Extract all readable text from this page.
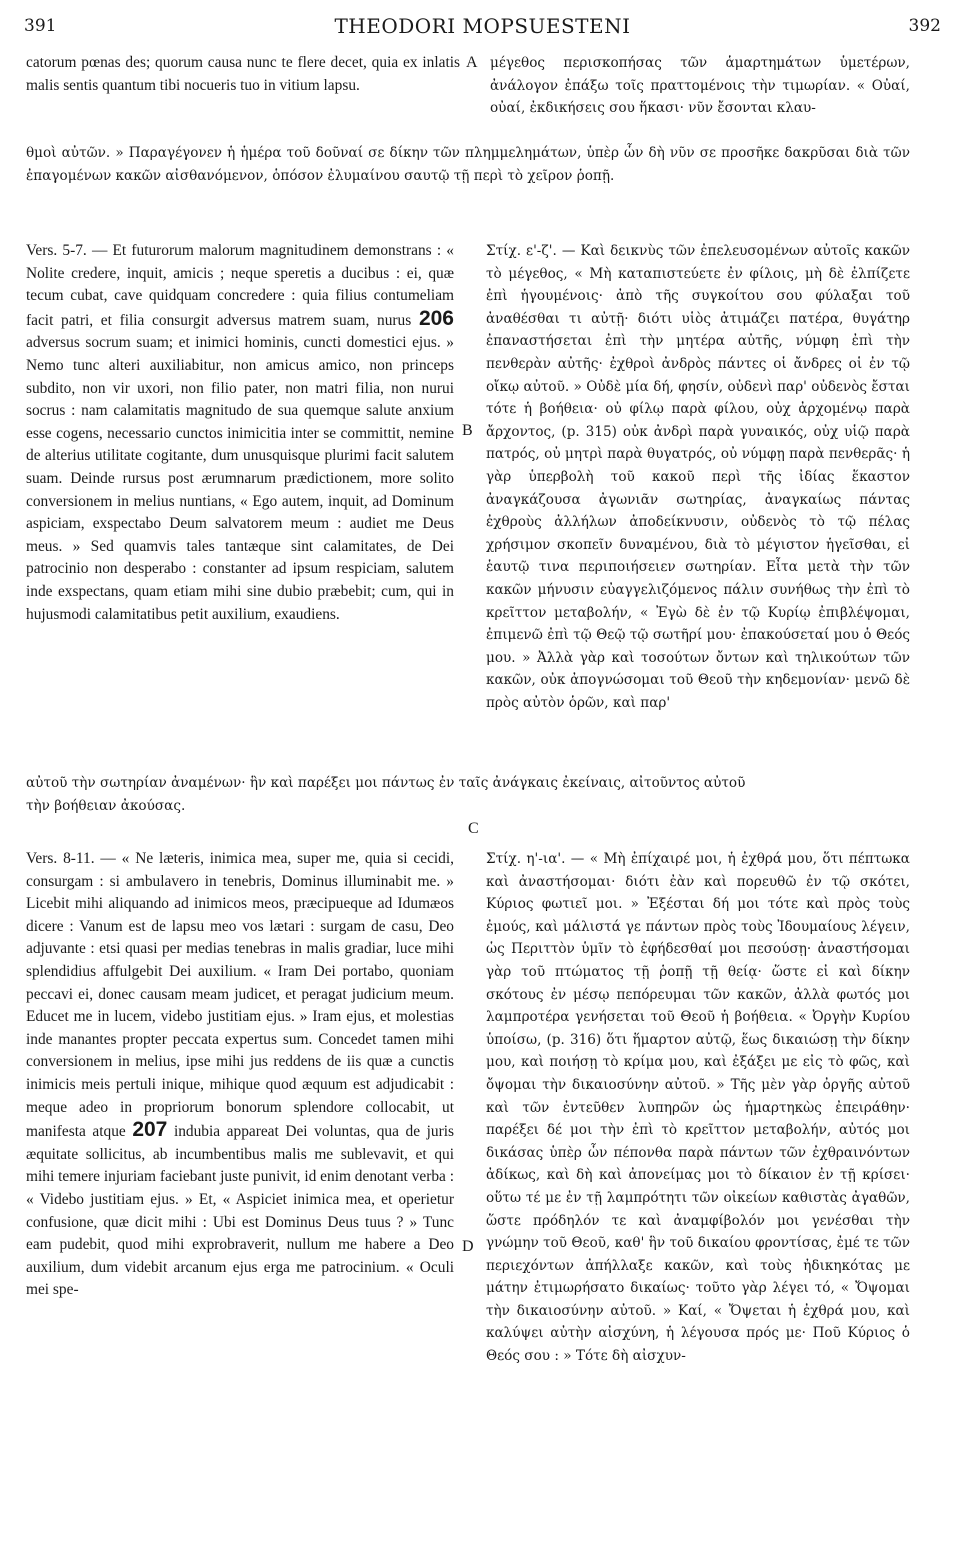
391	THEODORI MOPSUESTENI	392
catorum pœnas des; quorum causa nunc te flere decet, quia ex inlatis malis sentis quantum tibi nocueris tuo in vitium lapsu.
A μέγεθος περισκοπήσας τῶν ἁμαρτημάτων ὑμετέρων, ἀνάλογον ἐπάξω τοῖς πραττομένοις τὴν τιμωρίαν. « Οὐαί, οὐαί, ἐκδικήσεις σου ἥκασι· νῦν ἔσονται κλαυ-
θμοὶ αὐτῶν. » Παραγέγονεν ἡ ἡμέρα τοῦ δοῦναί σε δίκην τῶν πλημμελημάτων, ὑπὲρ ὧν δὴ νῦν σε προσῆκε δακρῦσαι διὰ τῶν ἐπαγομένων κακῶν αἰσθανόμενον, ὁπόσον ἐλυμαίνου σαυτῷ τῇ περὶ τὸ χεῖρον ῥοπῇ.

Vers. 5-7. — Et futurorum malorum magnitudinem demonstrans : « Nolite credere, inquit, amicis ; neque speretis a ducibus : ei, quæ tecum cubat, cave quidquam concredere : quia filius contumeliam facit patri, et filia consurgit adversus matrem suam, nurus 206 adversus socrum suam; et inimici hominis, cuncti domestici ejus. » Nemo tunc alteri auxiliabitur, non amicus amico, non princeps subdito, non vir uxori, non filio pater, non matri filia, non nurui socrus : nam calamitatis magnitudo de sua quemque salute anxium esse cogens, necessario cunctos inimicitia inter se committit, nemine de alterius utilitate cogitante, dum unusquisque plurimi facit salutem suam. Deinde rursus post ærumnarum prædictionem, more solito conversionem in melius nuntians, « Ego autem, inquit, ad Dominum aspiciam, exspectabo Deum salvatorem meum : audiet me Deus meus. » Sed quamvis tales tantæque sint calamitates, de Dei patrocinio non desperabo : constanter ad ipsum respiciam, salutem inde exspectans, quam etiam mihi sine dubio præbebit; cum, qui in hujusmodi calamitatibus petit auxilium, exaudiens.

B
Στίχ. ε'-ζ'. — Καὶ δεικνὺς τῶν ἐπελευσομένων αὐτοῖς κακῶν τὸ μέγεθος, « Μὴ καταπιστεύετε ἐν φίλοις, μὴ δὲ ἐλπίζετε ἐπὶ ἡγουμένοις· ἀπὸ τῆς συγκοίτου σου φύλαξαι τοῦ ἀναθέσθαι τι αὐτῇ· διότι υἱὸς ἀτιμάζει πατέρα, θυγάτηρ ἐπαναστήσεται ἐπὶ τὴν μητέρα αὐτῆς, νύμφη ἐπὶ τὴν πενθερὰν αὐτῆς· ἐχθροὶ ἀνδρὸς πάντες οἱ ἄνδρες οἱ ἐν τῷ οἴκῳ αὐτοῦ. » Οὐδὲ μία δή, φησίν, οὐδενὶ παρ' οὐδενὸς ἔσται τότε ἡ βοήθεια· οὐ φίλῳ παρὰ φίλου, οὐχ ἀρχομένῳ παρὰ ἄρχοντος, (p. 315) οὐκ ἀνδρὶ παρὰ γυναικός, οὐχ υἱῷ παρὰ πατρός, οὐ μητρὶ παρὰ θυγατρός, οὐ νύμφῃ παρὰ πενθερᾶς· ἡ γὰρ ὑπερβολὴ τοῦ κακοῦ περὶ τῆς ἰδίας ἕκαστον ἀναγκάζουσα ἀγωνιᾶν σωτηρίας, ἀναγκαίως πάντας ἐχθροὺς ἀλλήλων ἀποδείκνυσιν, οὐδενὸς τὸ τῷ πέλας χρήσιμον σκοπεῖν δυναμένου, διὰ τὸ μέγιστον ἡγεῖσθαι, εἰ ἑαυτῷ τινα περιποιήσειεν σωτηρίαν. Εἶτα μετὰ τὴν τῶν κακῶν μήνυσιν εὐαγγελιζόμενος πάλιν συνήθως τὴν ἐπὶ τὸ κρεῖττον μεταβολήν, « Ἐγὼ δὲ ἐν τῷ Κυρίῳ ἐπιβλέψομαι, ἐπιμενῶ ἐπὶ τῷ Θεῷ τῷ σωτῆρί μου· ἐπακούσεταί μου ὁ Θεός μου. » Ἀλλὰ γὰρ καὶ τοσούτων ὄντων καὶ τηλικούτων τῶν κακῶν, οὐκ ἀπογνώσομαι τοῦ Θεοῦ τὴν κηδεμονίαν· μενῶ δὲ πρὸς αὐτὸν ὁρῶν, καὶ παρ'
αὐτοῦ τὴν σωτηρίαν ἀναμένων· ἣν καὶ παρέξει μοι πάντως ἐν ταῖς ἀνάγκαις ἐκείναις, αἰτοῦντος αὐτοῦ
τὴν βοήθειαν ἀκούσας.
C

Vers. 8-11. — « Ne læteris, inimica mea, super me, quia si cecidi, consurgam : si ambulavero in tenebris, Dominus illuminabit me. » Licebit mihi aliquando ad inimicos meos, præcipueque ad Idumæos dicere : Vanum est de lapsu meo vos lætari : surgam de casu, Deo adjuvante : etsi quasi per medias tenebras in malis gradiar, luce mihi splendidius affulgebit Dei auxilium. « Iram Dei portabo, quoniam peccavi ei, donec causam meam judicet, et peragat judicium meum. Educet me in lucem, videbo justitiam ejus. » Iram ejus, et molestias inde manantes propter peccata expertus sum. Concedet tamen mihi conversionem in melius, ipse mihi jus reddens de iis quæ a cunctis inimicis meis pertuli inique, mihique quod æquum est adjudicabit : meque adeo in propriorum bonorum splendore collocabit, ut manifesta atque 207 indubia appareat Dei voluntas, qua de juris æquitate sollicitus, ab incumbentibus malis me sublevavit, et qui mihi temere injuriam faciebant juste punivit, id enim denotant verba : « Videbo justitiam ejus. » Et, « Aspiciet inimica mea, et operietur confusione, quæ dicit mihi : Ubi est Dominus Deus tuus ? » Tunc eam pudebit, quod mihi exprobraverit, nullum me habere a Deo auxilium, dum videbit arcanum ejus erga me patrocinium. « Oculi mei spe-

D
Στίχ. η'-ια'. — « Μὴ ἐπίχαιρέ μοι, ἡ ἐχθρά μου, ὅτι πέπτωκα καὶ ἀναστήσομαι· διότι ἐὰν καὶ πορευθῶ ἐν τῷ σκότει, Κύριος φωτιεῖ μοι. » Ἐξέσται δή μοι τότε καὶ πρὸς τοὺς ἐμούς, καὶ μάλιστά γε πάντων πρὸς τοὺς Ἰδουμαίους λέγειν, ὡς Περιττὸν ὑμῖν τὸ ἐφήδεσθαί μοι πεσούσῃ· ἀναστήσομαι γὰρ τοῦ πτώματος τῇ ῥοπῇ τῇ θείᾳ· ὥστε εἰ καὶ δίκην σκότους ἐν μέσῳ πεπόρευμαι τῶν κακῶν, ἀλλὰ φωτός μοι λαμπροτέρα γενήσεται τοῦ Θεοῦ ἡ βοήθεια. « Ὀργὴν Κυρίου ὑποίσω, (p. 316) ὅτι ἥμαρτον αὐτῷ, ἕως δικαιώσῃ τὴν δίκην μου, καὶ ποιήσῃ τὸ κρίμα μου, καὶ ἐξάξει με εἰς τὸ φῶς, καὶ ὄψομαι τὴν δικαιοσύνην αὐτοῦ. » Τῆς μὲν γὰρ ὀργῆς αὐτοῦ καὶ τῶν ἐντεῦθεν λυπηρῶν ὡς ἡμαρτηκὼς ἐπειράθην· παρέξει δέ μοι τὴν ἐπὶ τὸ κρεῖττον μεταβολήν, αὐτός μοι δικάσας ὑπὲρ ὧν πέπονθα παρὰ πάντων τῶν ἐχθραινόντων ἀδίκως, καὶ δὴ καὶ ἀπονείμας μοι τὸ δίκαιον ἐν τῇ κρίσει· οὕτω τέ με ἐν τῇ λαμπρότητι τῶν οἰκείων καθιστὰς ἀγαθῶν, ὥστε πρόδηλόν τε καὶ ἀναμφίβολόν μοι γενέσθαι τὴν γνώμην τοῦ Θεοῦ, καθ' ἣν τοῦ δικαίου φροντίσας, ἐμέ τε τῶν περιεχόντων ἀπήλλαξε κακῶν, καὶ τοὺς ἠδικηκότας με μάτην ἐτιμωρήσατο δικαίως· τοῦτο γὰρ λέγει τό, « Ὄψομαι τὴν δικαιοσύνην αὐτοῦ. » Καί, « Ὄψεται ἡ ἐχθρά μου, καὶ καλύψει αὐτὴν αἰσχύνη, ἡ λέγουσα πρός με· Ποῦ Κύριος ὁ Θεός σου : » Τότε δὴ αἰσχυν-
